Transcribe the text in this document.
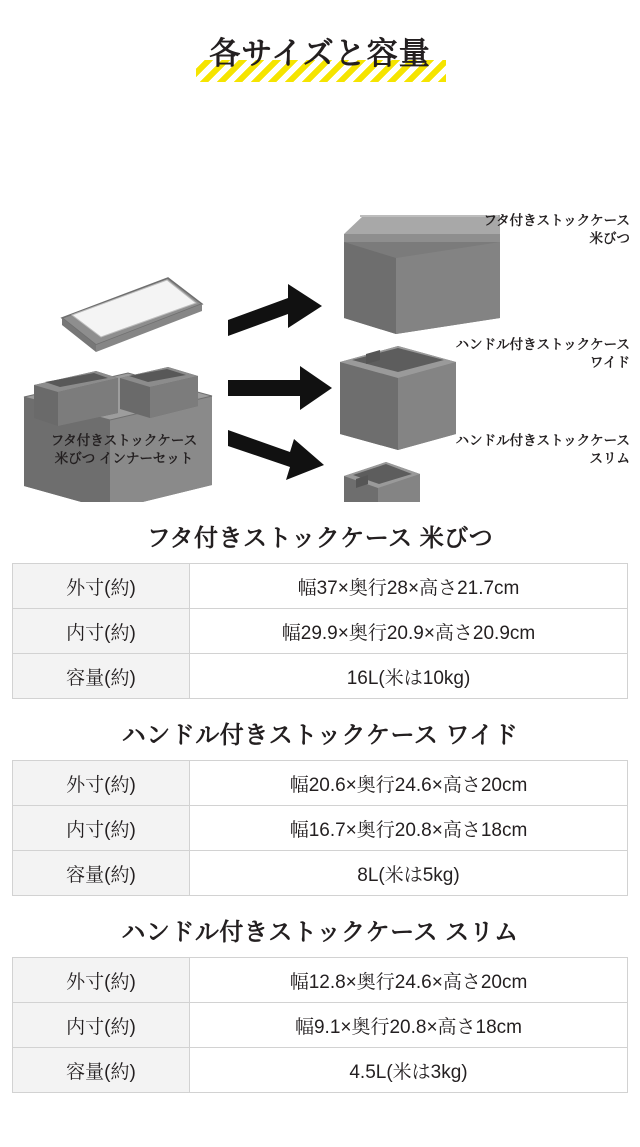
各サイズと容量
フタ付きストックケース
米びつ インナーセット
フタ付きストックケース
米びつ
ハンドル付きストックケース
ワイド
ハンドル付きストックケース
スリム
フタ付きストックケース 米びつ
外寸(約)	幅37×奥行28×高さ21.7cm
内寸(約)	幅29.9×奥行20.9×高さ20.9cm
容量(約)	16L(米は10kg)
ハンドル付きストックケース ワイド
外寸(約)	幅20.6×奥行24.6×高さ20cm
内寸(約)	幅16.7×奥行20.8×高さ18cm
容量(約)	8L(米は5kg)
ハンドル付きストックケース スリム
外寸(約)	幅12.8×奥行24.6×高さ20cm
内寸(約)	幅9.1×奥行20.8×高さ18cm
容量(約)	4.5L(米は3kg)
